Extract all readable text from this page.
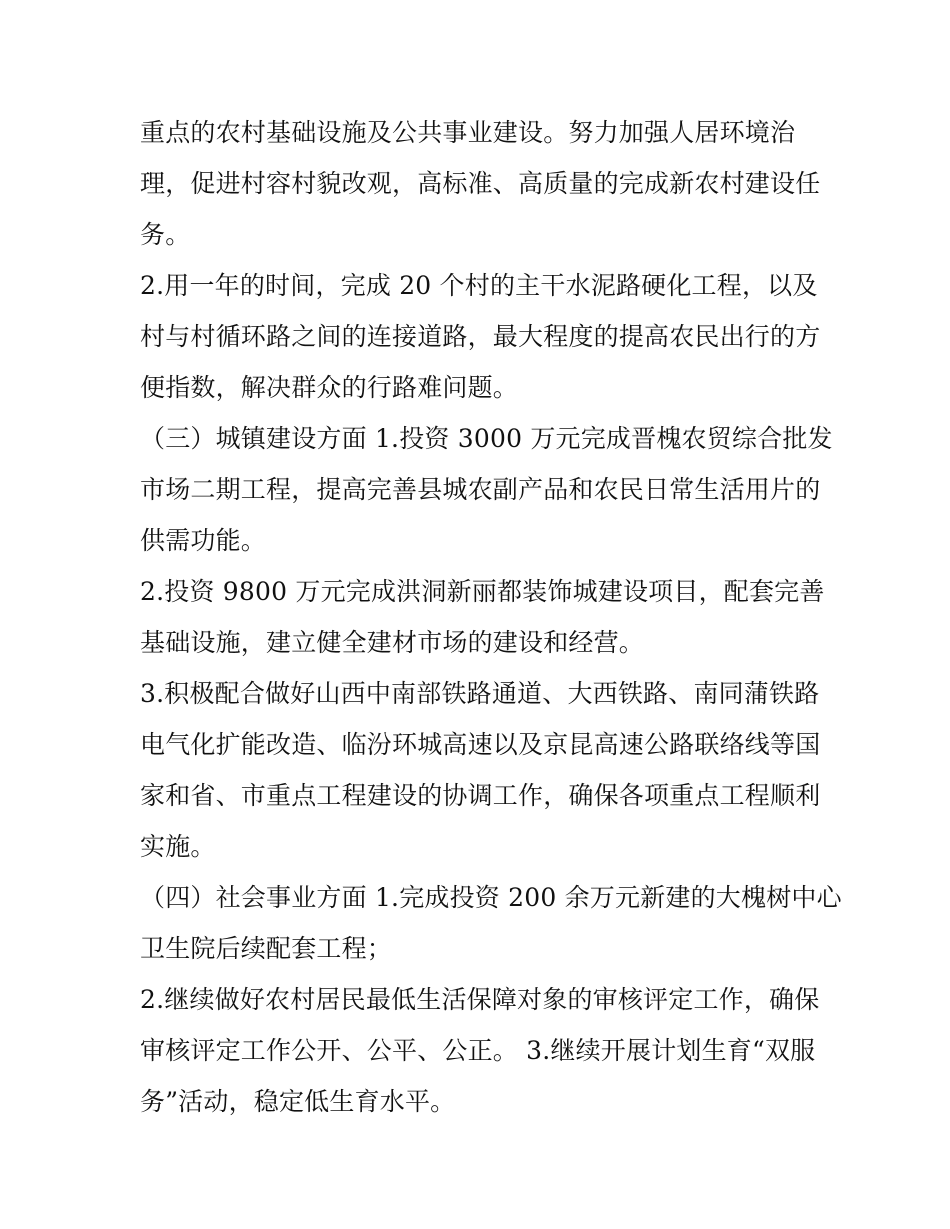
重点的农村基础设施及公共事业建设。努力加强人居环境治
理，促进村容村貌改观，高标准、高质量的完成新农村建设任
务。
2.用一年的时间，完成 20 个村的主干水泥路硬化工程，以及
村与村循环路之间的连接道路，最大程度的提高农民出行的方
便指数，解决群众的行路难问题。
（三）城镇建设方面 1.投资 3000 万元完成晋槐农贸综合批发
市场二期工程，提高完善县城农副产品和农民日常生活用片的
供需功能。
2.投资 9800 万元完成洪洞新丽都装饰城建设项目，配套完善
基础设施，建立健全建材市场的建设和经营。
3.积极配合做好山西中南部铁路通道、大西铁路、南同蒲铁路
电气化扩能改造、临汾环城高速以及京昆高速公路联络线等国
家和省、市重点工程建设的协调工作，确保各项重点工程顺利
实施。
（四）社会事业方面 1.完成投资 200 余万元新建的大槐树中心
卫生院后续配套工程；
2.继续做好农村居民最低生活保障对象的审核评定工作，确保
审核评定工作公开、公平、公正。 3.继续开展计划生育“双服
务”活动，稳定低生育水平。
